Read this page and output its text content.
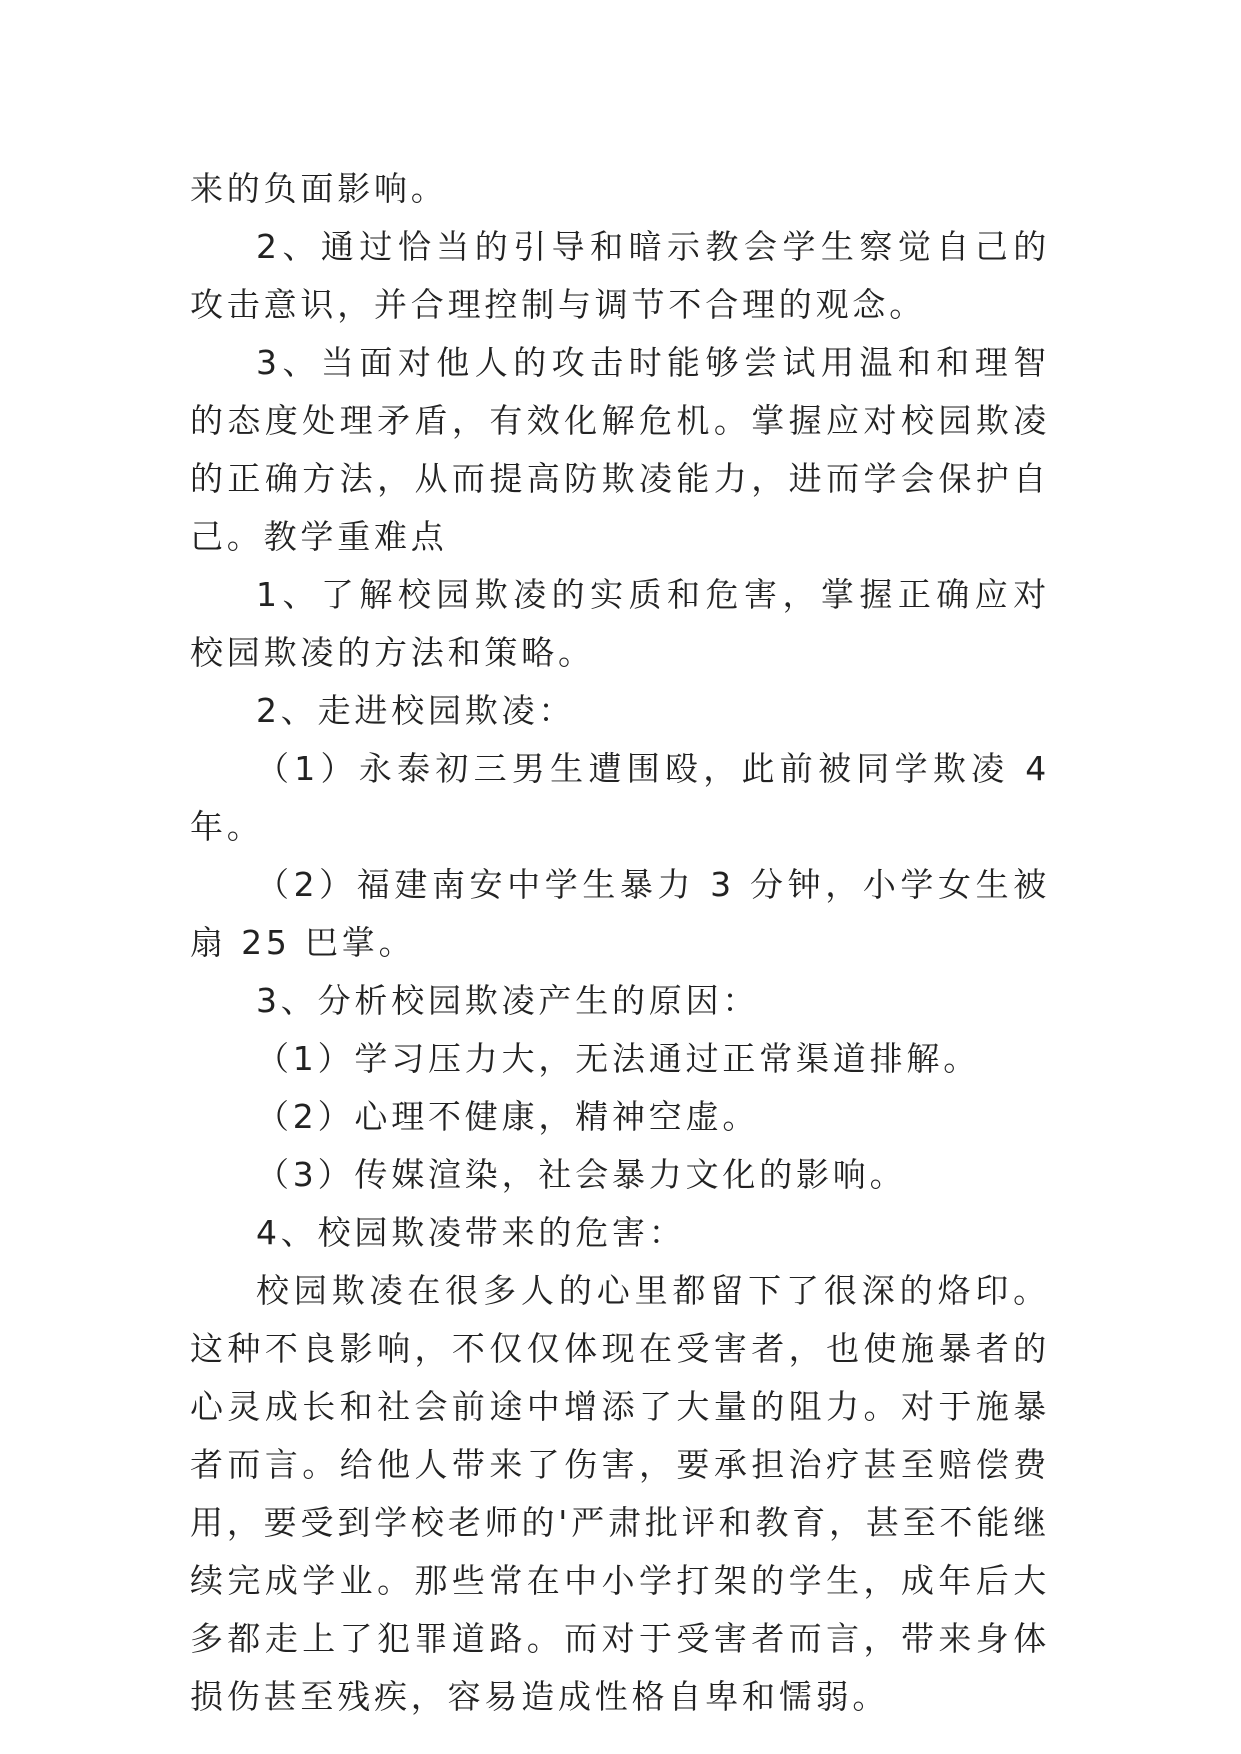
来的负面影响。

2、通过恰当的引导和暗示教会学生察觉自己的攻击意识，并合理控制与调节不合理的观念。

3、当面对他人的攻击时能够尝试用温和和理智的态度处理矛盾，有效化解危机。掌握应对校园欺凌的正确方法，从而提高防欺凌能力，进而学会保护自己。教学重难点

1、了解校园欺凌的实质和危害，掌握正确应对校园欺凌的方法和策略。

2、走进校园欺凌：

（1）永泰初三男生遭围殴，此前被同学欺凌 4 年。

（2）福建南安中学生暴力 3 分钟，小学女生被扇 25 巴掌。

3、分析校园欺凌产生的原因：

（1）学习压力大，无法通过正常渠道排解。

（2）心理不健康，精神空虚。

（3）传媒渲染，社会暴力文化的影响。

4、校园欺凌带来的危害：

校园欺凌在很多人的心里都留下了很深的烙印。这种不良影响，不仅仅体现在受害者，也使施暴者的心灵成长和社会前途中增添了大量的阻力。对于施暴者而言。给他人带来了伤害，要承担治疗甚至赔偿费用，要受到学校老师的'严肃批评和教育，甚至不能继续完成学业。那些常在中小学打架的学生，成年后大多都走上了犯罪道路。而对于受害者而言，带来身体损伤甚至残疾，容易造成性格自卑和懦弱。
